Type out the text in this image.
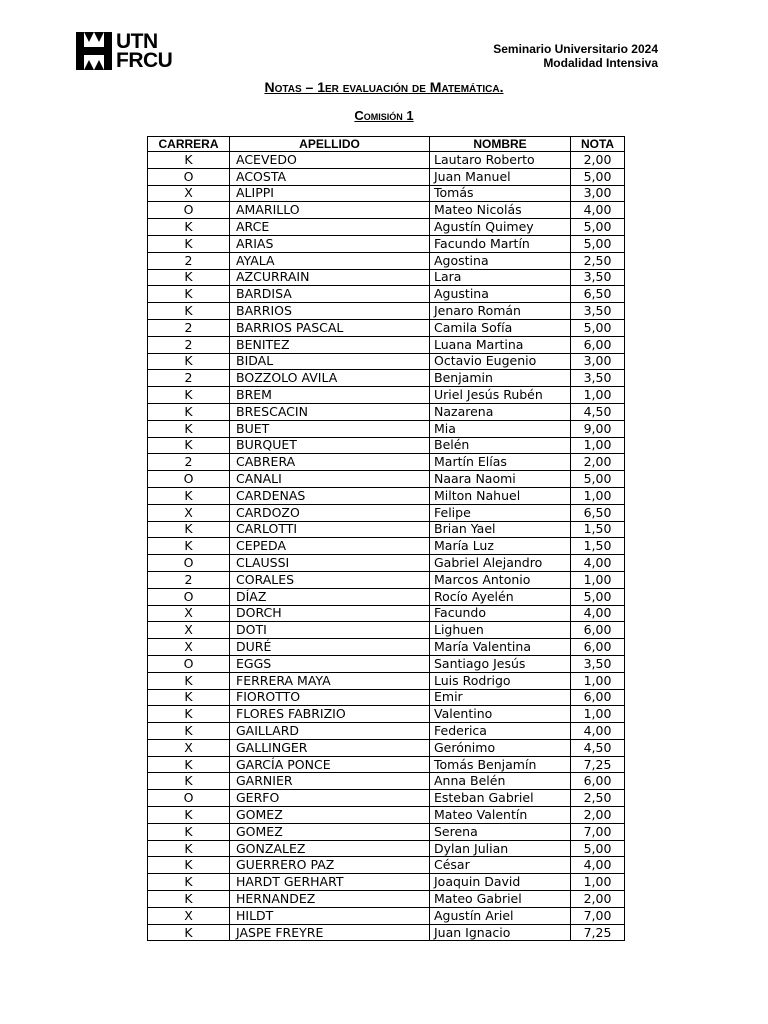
UTN
FRCU	Seminario Universitario 2024
Modalidad Intensiva
Notas – 1er evaluación de Matemática.
Comisión 1
CARRERA	APELLIDO	NOMBRE	NOTA
K	ACEVEDO	Lautaro Roberto	2,00
O	ACOSTA	Juan Manuel	5,00
X	ALIPPI	Tomás	3,00
O	AMARILLO	Mateo Nicolás	4,00
K	ARCE	Agustín Quimey	5,00
K	ARIAS	Facundo Martín	5,00
2	AYALA	Agostina	2,50
K	AZCURRAIN	Lara	3,50
K	BARDISA	Agustina	6,50
K	BARRIOS	Jenaro Román	3,50
2	BARRIOS PASCAL	Camila Sofía	5,00
2	BENITEZ	Luana Martina	6,00
K	BIDAL	Octavio Eugenio	3,00
2	BOZZOLO AVILA	Benjamin	3,50
K	BREM	Uriel Jesús Rubén	1,00
K	BRESCACIN	Nazarena	4,50
K	BUET	Mia	9,00
K	BURQUET	Belén	1,00
2	CABRERA	Martín Elías	2,00
O	CANALI	Naara Naomi	5,00
K	CARDENAS	Milton Nahuel	1,00
X	CARDOZO	Felipe	6,50
K	CARLOTTI	Brian Yael	1,50
K	CEPEDA	María Luz	1,50
O	CLAUSSI	Gabriel Alejandro	4,00
2	CORALES	Marcos Antonio	1,00
O	DÍAZ	Rocío Ayelén	5,00
X	DORCH	Facundo	4,00
X	DOTI	Lighuen	6,00
X	DURÉ	María Valentina	6,00
O	EGGS	Santiago Jesús	3,50
K	FERRERA MAYA	Luis Rodrigo	1,00
K	FIOROTTO	Emir	6,00
K	FLORES FABRIZIO	Valentino	1,00
K	GAILLARD	Federica	4,00
X	GALLINGER	Gerónimo	4,50
K	GARCÍA PONCE	Tomás Benjamín	7,25
K	GARNIER	Anna Belén	6,00
O	GERFO	Esteban Gabriel	2,50
K	GOMEZ	Mateo Valentín	2,00
K	GOMEZ	Serena	7,00
K	GONZALEZ	Dylan Julian	5,00
K	GUERRERO PAZ	César	4,00
K	HARDT GERHART	Joaquin David	1,00
K	HERNANDEZ	Mateo Gabriel	2,00
X	HILDT	Agustín Ariel	7,00
K	JASPE FREYRE	Juan Ignacio	7,25
